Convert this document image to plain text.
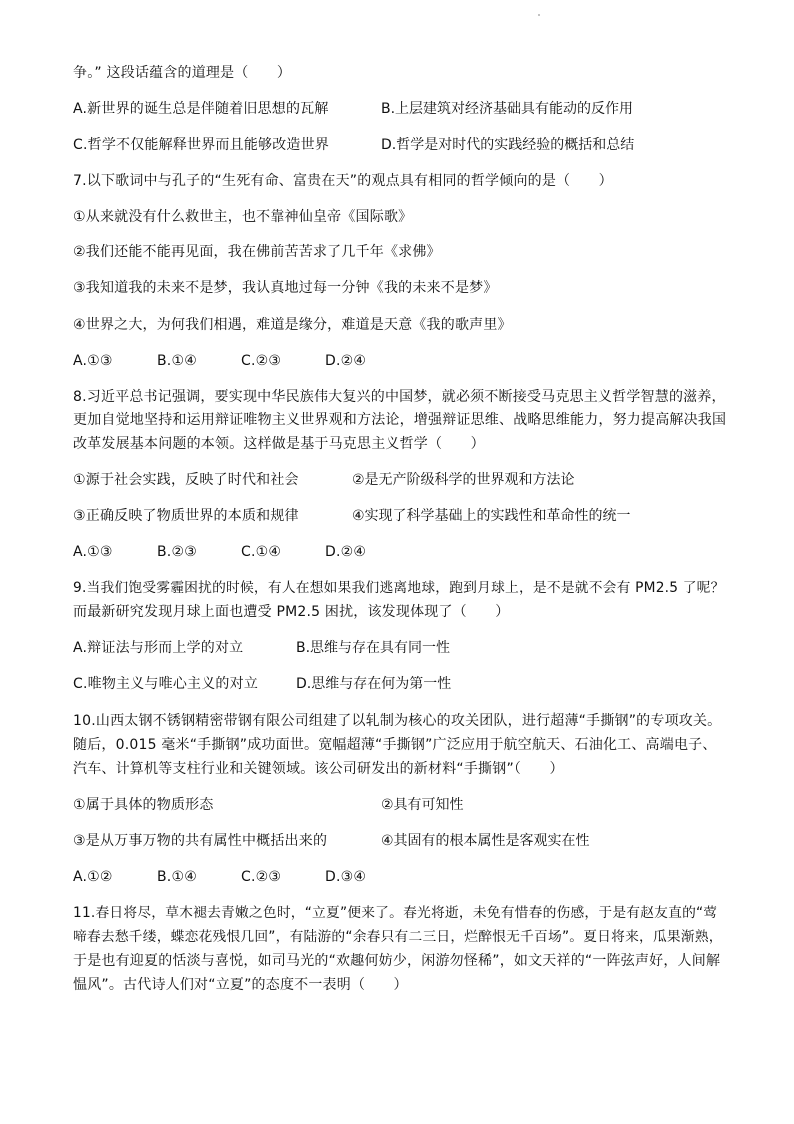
争。” 这段话蕴含的道理是（　　）
A.新世界的诞生总是伴随着旧思想的瓦解	B.上层建筑对经济基础具有能动的反作用
C.哲学不仅能解释世界而且能够改造世界	D.哲学是对时代的实践经验的概括和总结
7.以下歌词中与孔子的“生死有命、富贵在天”的观点具有相同的哲学倾向的是（　　）
①从来就没有什么救世主，也不靠神仙皇帝《国际歌》
②我们还能不能再见面，我在佛前苦苦求了几千年《求佛》
③我知道我的未来不是梦，我认真地过每一分钟《我的未来不是梦》
④世界之大，为何我们相遇，难道是缘分，难道是天意《我的歌声里》
A.①③	B.①④	C.②③	D.②④
8.习近平总书记强调，要实现中华民族伟大复兴的中国梦，就必须不断接受马克思主义哲学智慧的滋养，
更加自觉地坚持和运用辩证唯物主义世界观和方法论，增强辩证思维、战略思维能力，努力提高解决我国
改革发展基本问题的本领。这样做是基于马克思主义哲学（　　）
①源于社会实践，反映了时代和社会	②是无产阶级科学的世界观和方法论
③正确反映了物质世界的本质和规律	④实现了科学基础上的实践性和革命性的统一
A.①③	B.②③	C.①④	D.②④
9.当我们饱受雾霾困扰的时候，有人在想如果我们逃离地球，跑到月球上，是不是就不会有 PM2.5 了呢？
而最新研究发现月球上面也遭受 PM2.5 困扰，该发现体现了（　　）
A.辩证法与形而上学的对立	B.思维与存在具有同一性
C.唯物主义与唯心主义的对立	D.思维与存在何为第一性
10.山西太钢不锈钢精密带钢有限公司组建了以轧制为核心的攻关团队，进行超薄“手撕钢”的专项攻关。
随后，0.015 毫米“手撕钢”成功面世。宽幅超薄“手撕钢”广泛应用于航空航天、石油化工、高端电子、
汽车、计算机等支柱行业和关键领域。该公司研发出的新材料“手撕钢”（　　）
①属于具体的物质形态	②具有可知性
③是从万事万物的共有属性中概括出来的	④其固有的根本属性是客观实在性
A.①②	B.①④	C.②③	D.③④
11.春日将尽，草木褪去青嫩之色时，“立夏”便来了。春光将逝，未免有惜春的伤感，于是有赵友直的“莺
啼春去愁千缕，蝶恋花残恨几回”，有陆游的“余春只有二三日，烂醉恨无千百场”。夏日将来，瓜果渐熟，
于是也有迎夏的恬淡与喜悦，如司马光的“欢趣何妨少，闲游勿怪稀”，如文天祥的“一阵弦声好，人间解
愠风”。古代诗人们对“立夏”的态度不一表明（　　）
